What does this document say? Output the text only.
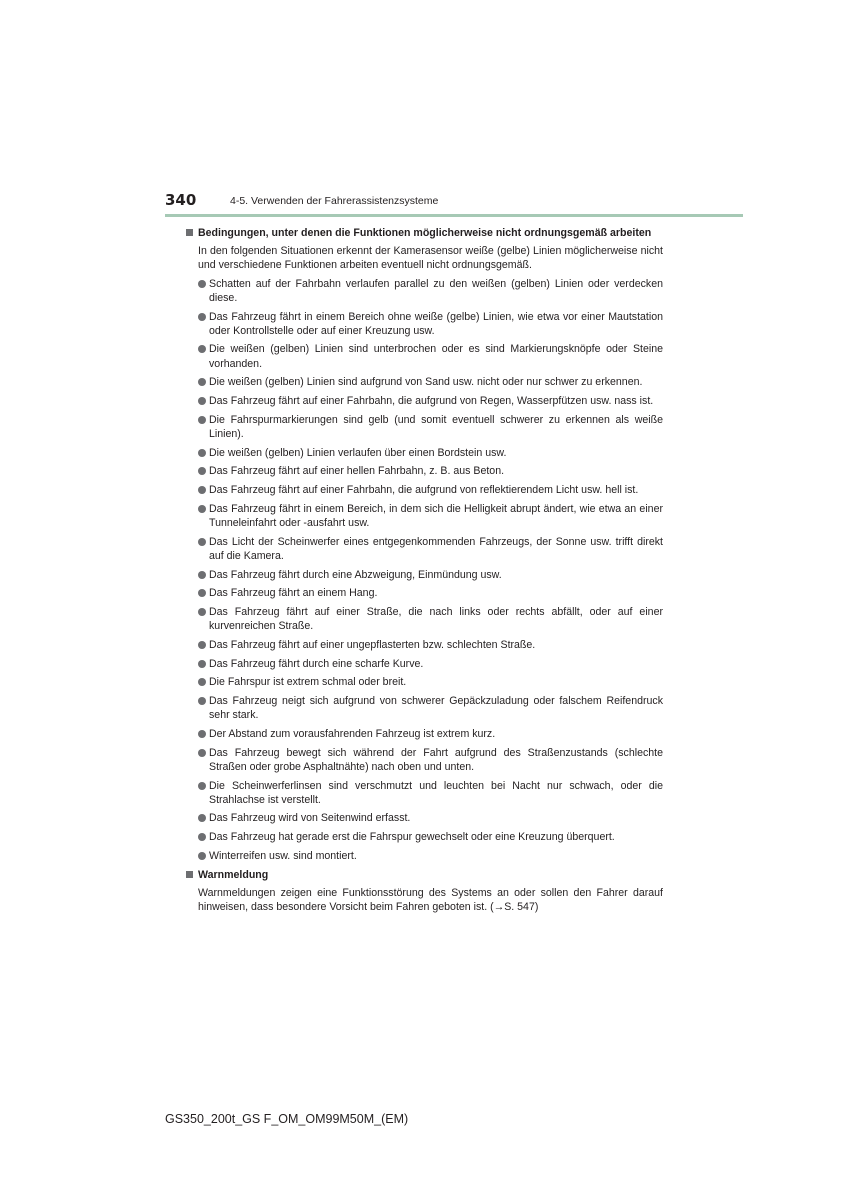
340	4-5. Verwenden der Fahrerassistenzsysteme
Bedingungen, unter denen die Funktionen möglicherweise nicht ordnungsgemäß arbeiten
In den folgenden Situationen erkennt der Kamerasensor weiße (gelbe) Linien möglicherweise nicht und verschiedene Funktionen arbeiten eventuell nicht ordnungsgemäß.
Schatten auf der Fahrbahn verlaufen parallel zu den weißen (gelben) Linien oder verdecken diese.
Das Fahrzeug fährt in einem Bereich ohne weiße (gelbe) Linien, wie etwa vor einer Mautstation oder Kontrollstelle oder auf einer Kreuzung usw.
Die weißen (gelben) Linien sind unterbrochen oder es sind Markierungsknöpfe oder Steine vorhanden.
Die weißen (gelben) Linien sind aufgrund von Sand usw. nicht oder nur schwer zu erkennen.
Das Fahrzeug fährt auf einer Fahrbahn, die aufgrund von Regen, Wasserpfützen usw. nass ist.
Die Fahrspurmarkierungen sind gelb (und somit eventuell schwerer zu erkennen als weiße Linien).
Die weißen (gelben) Linien verlaufen über einen Bordstein usw.
Das Fahrzeug fährt auf einer hellen Fahrbahn, z. B. aus Beton.
Das Fahrzeug fährt auf einer Fahrbahn, die aufgrund von reflektierendem Licht usw. hell ist.
Das Fahrzeug fährt in einem Bereich, in dem sich die Helligkeit abrupt ändert, wie etwa an einer Tunneleinfahrt oder -ausfahrt usw.
Das Licht der Scheinwerfer eines entgegenkommenden Fahrzeugs, der Sonne usw. trifft direkt auf die Kamera.
Das Fahrzeug fährt durch eine Abzweigung, Einmündung usw.
Das Fahrzeug fährt an einem Hang.
Das Fahrzeug fährt auf einer Straße, die nach links oder rechts abfällt, oder auf einer kurvenreichen Straße.
Das Fahrzeug fährt auf einer ungepflasterten bzw. schlechten Straße.
Das Fahrzeug fährt durch eine scharfe Kurve.
Die Fahrspur ist extrem schmal oder breit.
Das Fahrzeug neigt sich aufgrund von schwerer Gepäckzuladung oder falschem Reifendruck sehr stark.
Der Abstand zum vorausfahrenden Fahrzeug ist extrem kurz.
Das Fahrzeug bewegt sich während der Fahrt aufgrund des Straßenzustands (schlechte Straßen oder grobe Asphaltnähte) nach oben und unten.
Die Scheinwerferlinsen sind verschmutzt und leuchten bei Nacht nur schwach, oder die Strahlachse ist verstellt.
Das Fahrzeug wird von Seitenwind erfasst.
Das Fahrzeug hat gerade erst die Fahrspur gewechselt oder eine Kreuzung überquert.
Winterreifen usw. sind montiert.
Warnmeldung
Warnmeldungen zeigen eine Funktionsstörung des Systems an oder sollen den Fahrer darauf hinweisen, dass besondere Vorsicht beim Fahren geboten ist. (→S. 547)
GS350_200t_GS F_OM_OM99M50M_(EM)
